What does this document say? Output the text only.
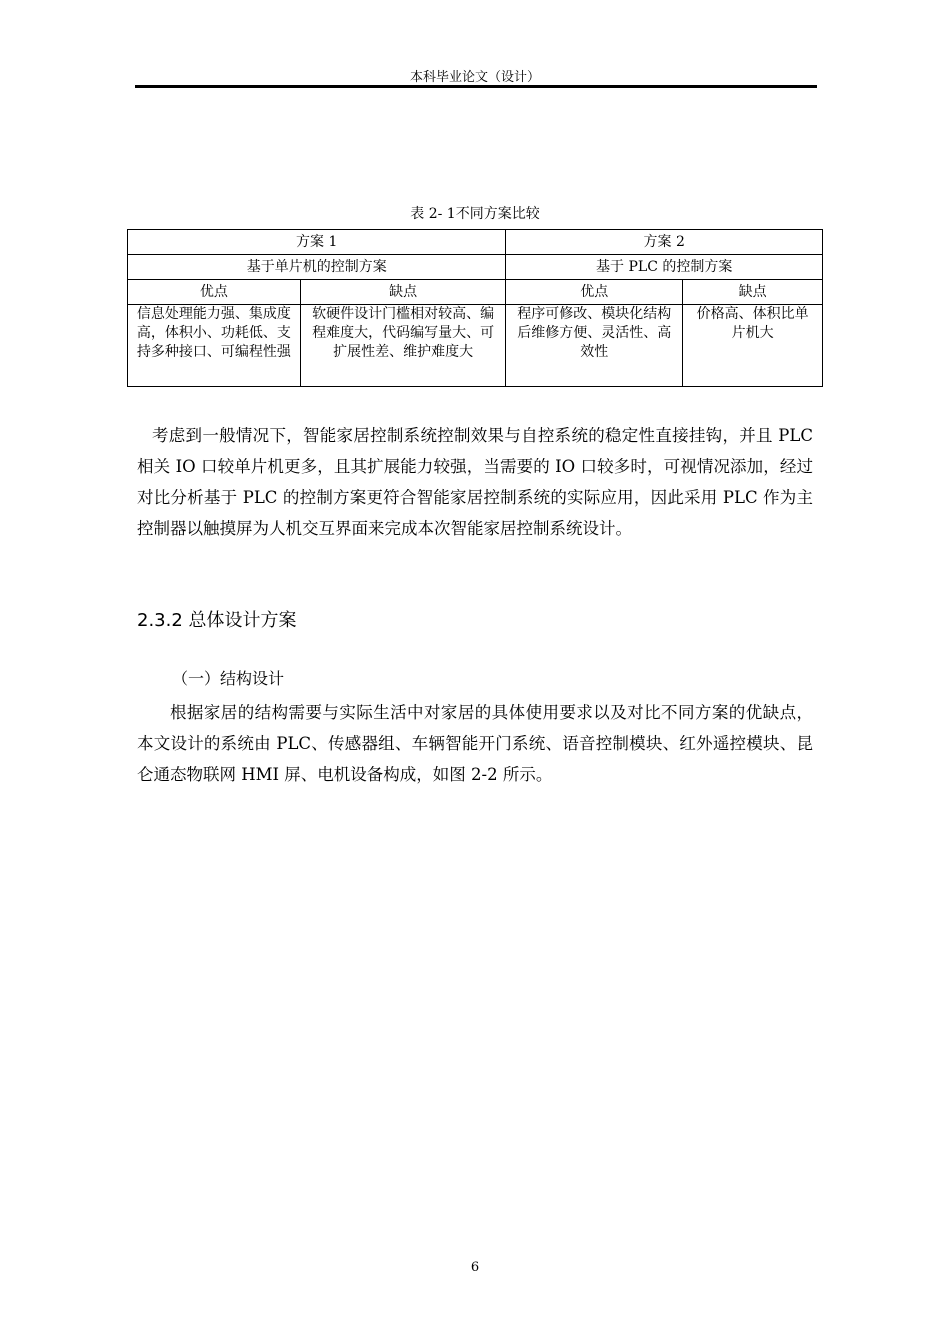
本科毕业论文（设计）
表 2- 1不同方案比较
方案 1		方案 2	
基于单片机的控制方案		基于 PLC 的控制方案	
优点	缺点	优点	缺点
信息处理能力强、集成度高，体积小、功耗低、支持多种接口、可编程性强	软硬件设计门槛相对较高、编程难度大，代码编写量大、可扩展性差、维护难度大	程序可修改、模块化结构后维修方便、灵活性、高效性	价格高、体积比单片机大

考虑到一般情况下，智能家居控制系统控制效果与自控系统的稳定性直接挂钩，并且 PLC 相关 IO 口较单片机更多，且其扩展能力较强，当需要的 IO 口较多时，可视情况添加，经过对比分析基于 PLC 的控制方案更符合智能家居控制系统的实际应用，因此采用 PLC 作为主控制器以触摸屏为人机交互界面来完成本次智能家居控制系统设计。

2.3.2 总体设计方案
（一）结构设计

根据家居的结构需要与实际生活中对家居的具体使用要求以及对比不同方案的优缺点，本文设计的系统由 PLC、传感器组、车辆智能开门系统、语音控制模块、红外遥控模块、昆仑通态物联网 HMI 屏、电机设备构成，如图 2-2 所示。

6
